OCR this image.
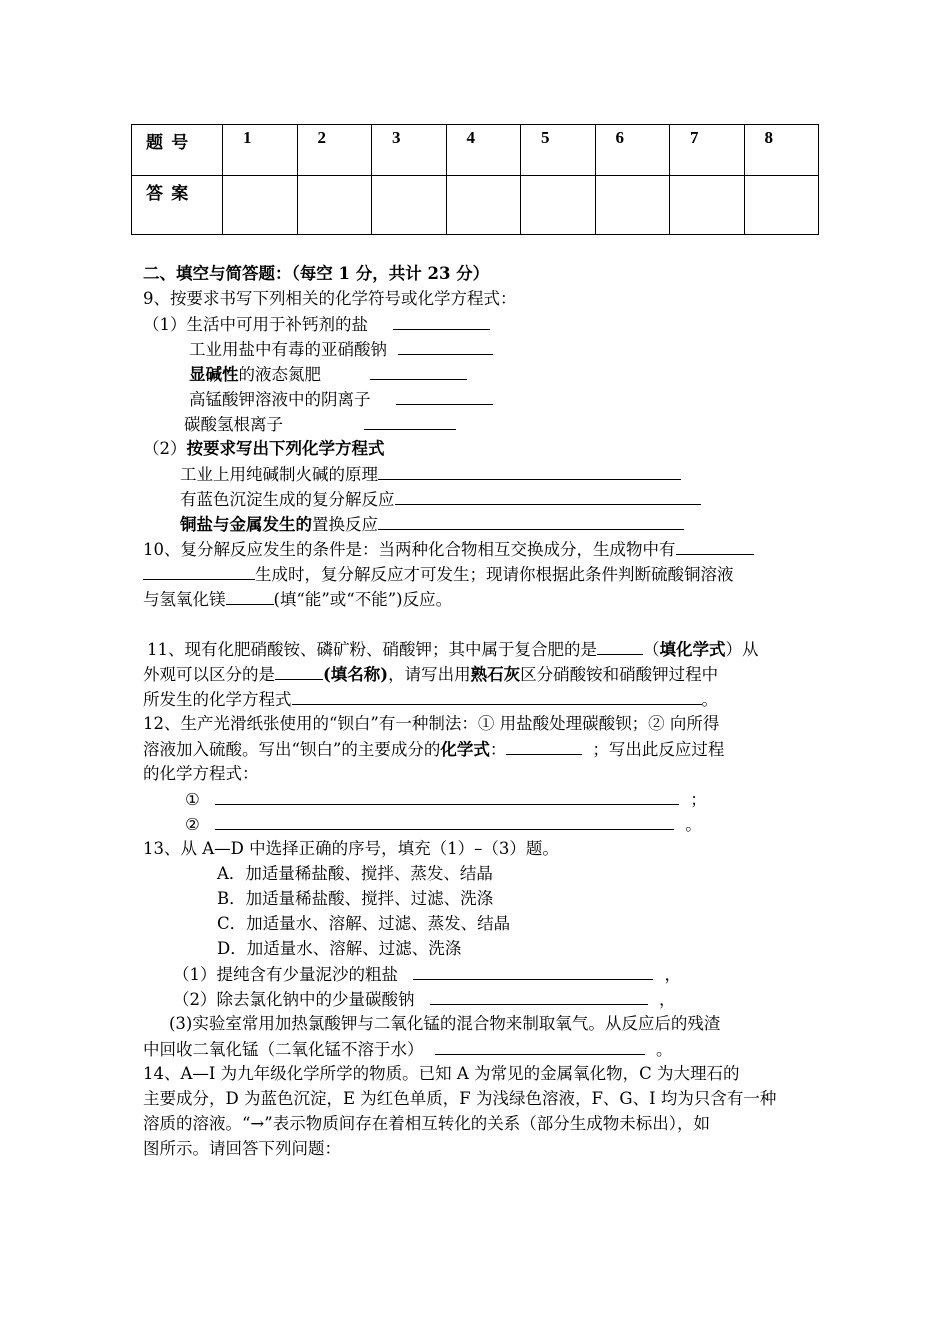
题 号	1	2	3	4	5	6	7	8
答 案								
二、填空与简答题：（每空 1 分，共计 23 分）
9、按要求书写下列相关的化学符号或化学方程式：
（1）生活中可用于补钙剂的盐
工业用盐中有毒的亚硝酸钠
显碱性的液态氮肥
高锰酸钾溶液中的阴离子
碳酸氢根离子
（2）按要求写出下列化学方程式
工业上用纯碱制火碱的原理
有蓝色沉淀生成的复分解反应
铜盐与金属发生的置换反应
10、复分解反应发生的条件是：当两种化合物相互交换成分，生成物中有
生成时，复分解反应才可发生；现请你根据此条件判断硫酸铜溶液
与氢氧化镁	(填“能”或“不能”)反应。
11、现有化肥硝酸铵、磷矿粉、硝酸钾；其中属于复合肥的是	（填化学式）从
外观可以区分的是	(填名称)，请写出用熟石灰区分硝酸铵和硝酸钾过程中
所发生的化学方程式	。
12、生产光滑纸张使用的“钡白”有一种制法：① 用盐酸处理碳酸钡；② 向所得
溶液加入硫酸。写出“钡白”的主要成分的化学式：	；写出此反应过程
的化学方程式：
①	；
②	。
13、从 A—D 中选择正确的序号，填充（1）–（3）题。
A．加适量稀盐酸、搅拌、蒸发、结晶
B．加适量稀盐酸、搅拌、过滤、洗涤
C．加适量水、溶解、过滤、蒸发、结晶
D．加适量水、溶解、过滤、洗涤
（1）提纯含有少量泥沙的粗盐	，
（2）除去氯化钠中的少量碳酸钠	，
(3)实验室常用加热氯酸钾与二氧化锰的混合物来制取氧气。从反应后的残渣
中回收二氧化锰（二氧化锰不溶于水）	。
14、A—I 为九年级化学所学的物质。已知 A 为常见的金属氧化物，C 为大理石的
主要成分，D 为蓝色沉淀，E 为红色单质，F 为浅绿色溶液，F、G、I 均为只含有一种
溶质的溶液。“→”表示物质间存在着相互转化的关系（部分生成物未标出），如
图所示。请回答下列问题：
